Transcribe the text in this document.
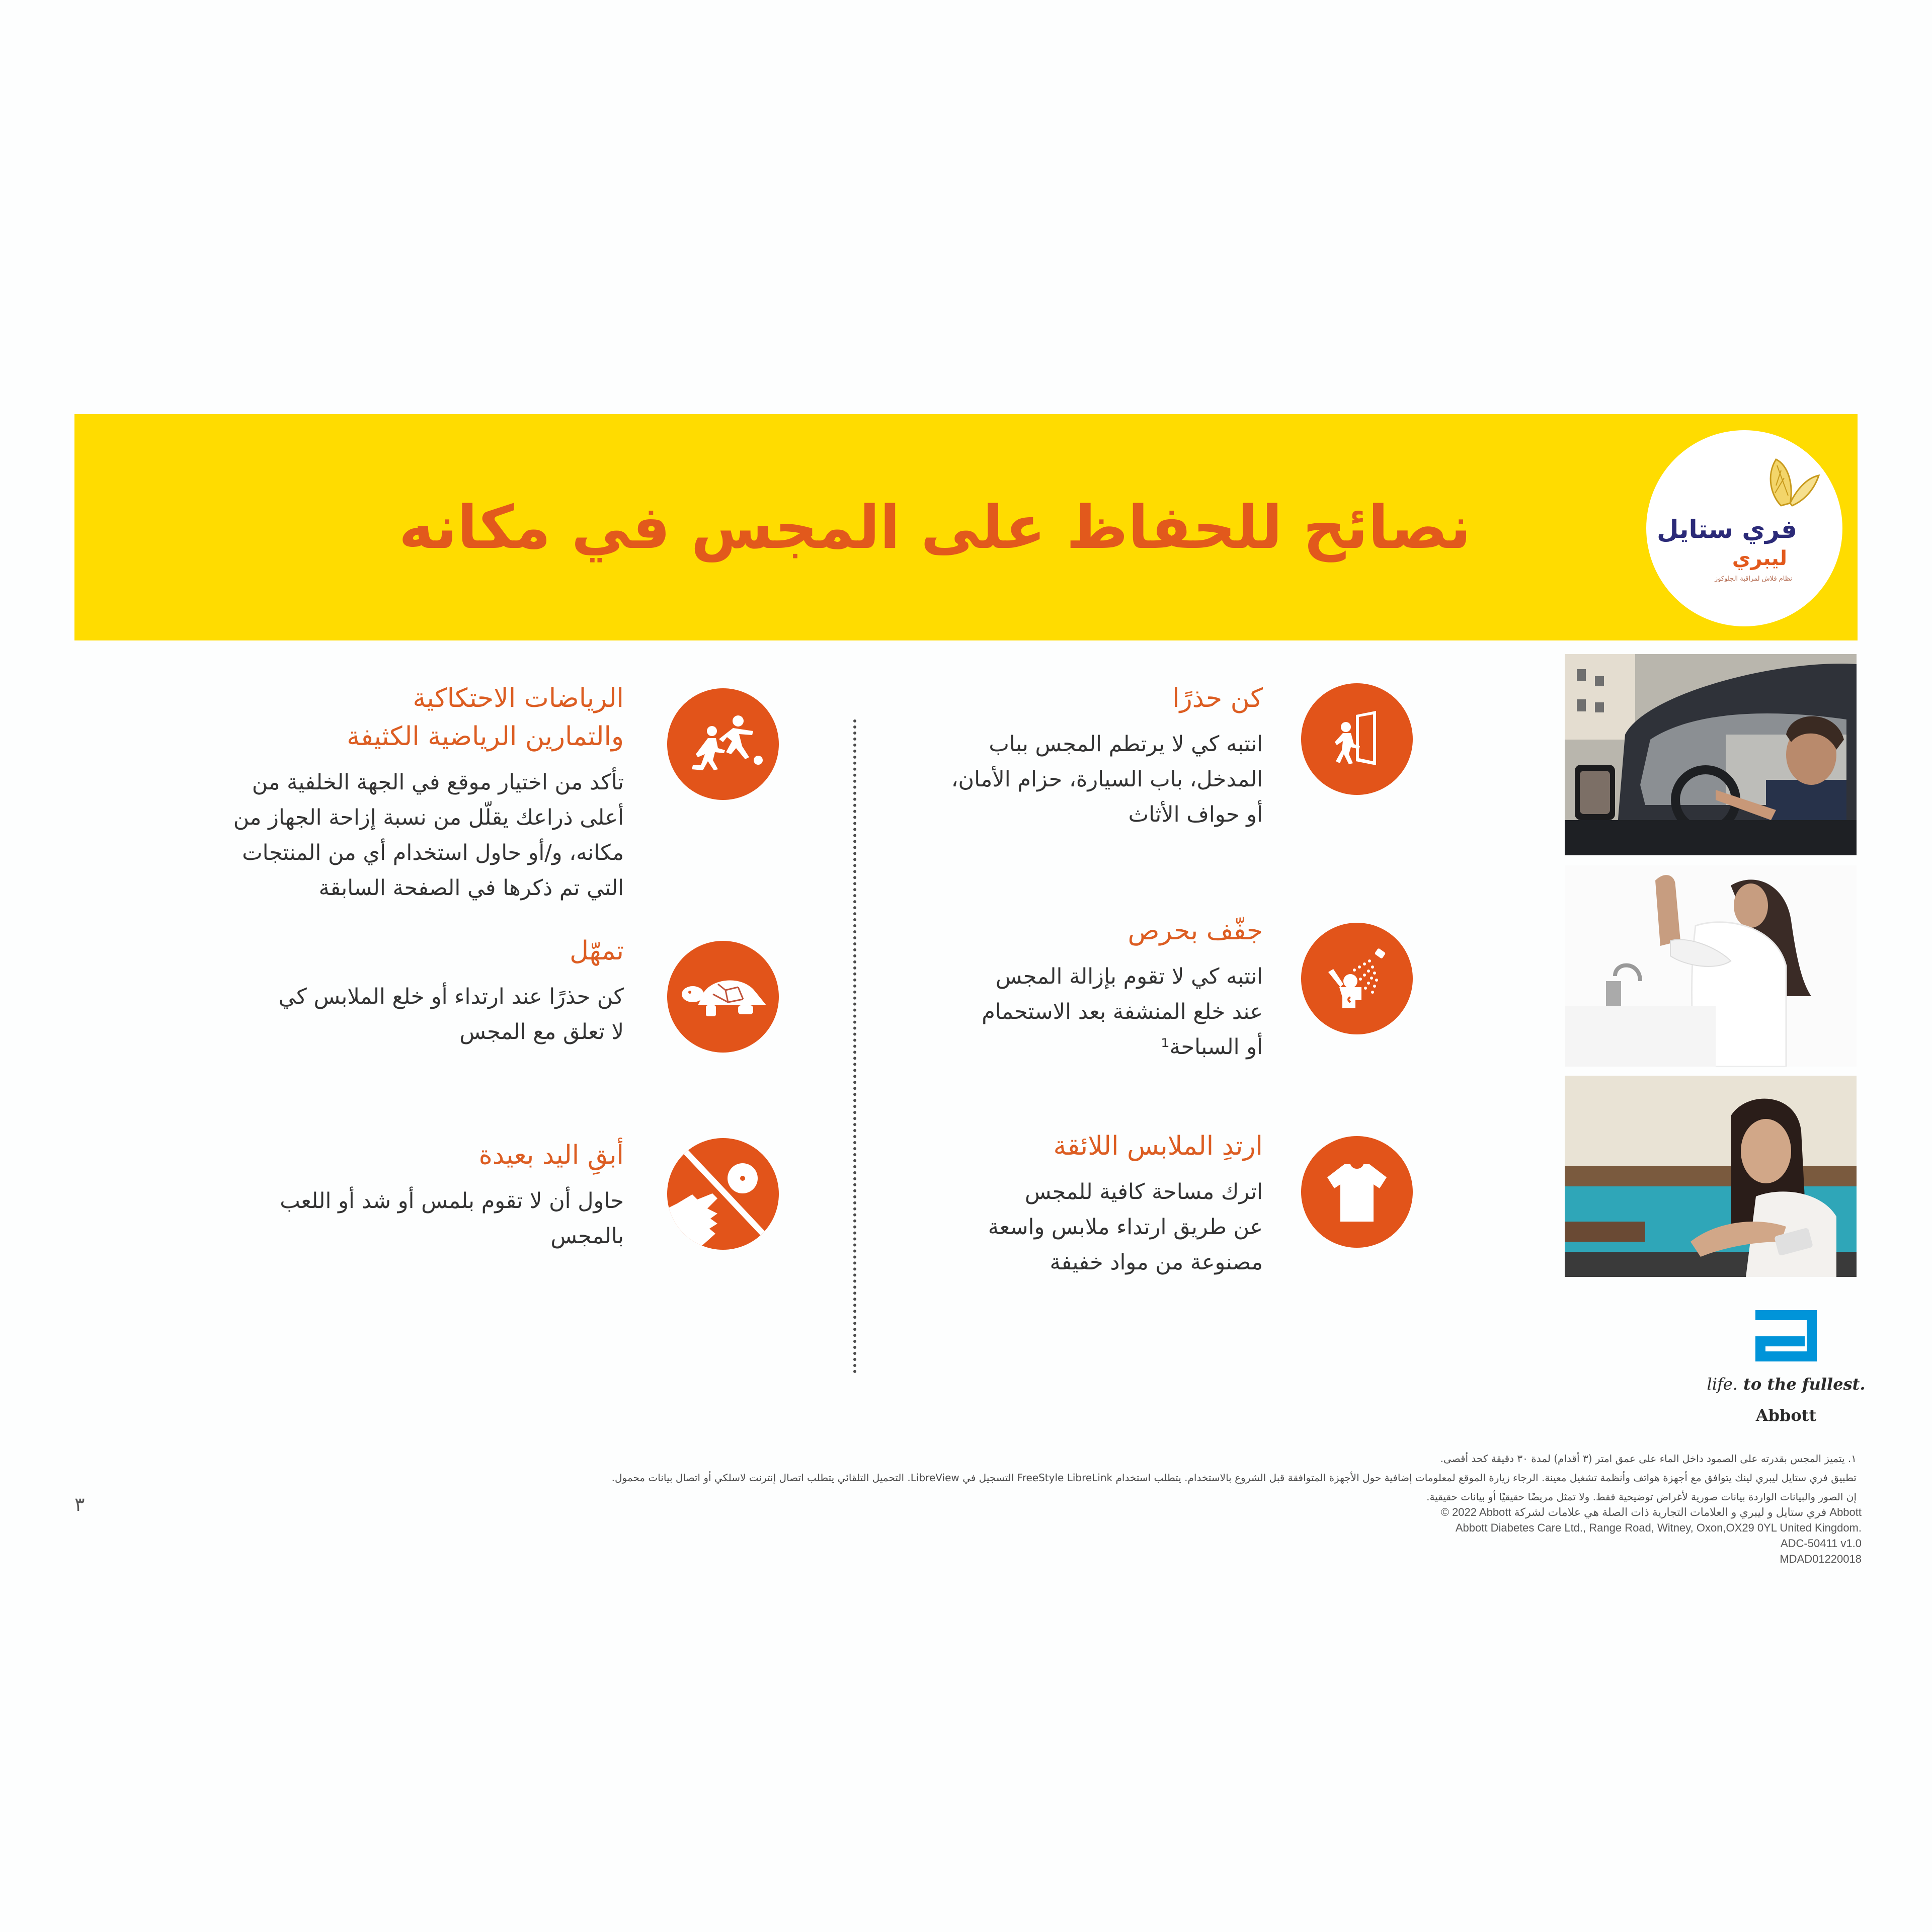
نصائح للحفاظ على المجس في مكانه	فري ستايل
ليبري
نظام فلاش لمراقبة الجلوكوز
كن حذرًا
انتبه كي لا يرتطم المجس بباب
المدخل، باب السيارة، حزام الأمان،
أو حواف الأثاث
الرياضات الاحتكاكية
والتمارين الرياضية الكثيفة
تأكد من اختيار موقع في الجهة الخلفية من
أعلى ذراعك يقلّل من نسبة إزاحة الجهاز من
مكانه، و/أو حاول استخدام أي من المنتجات
التي تم ذكرها في الصفحة السابقة
جفّف بحرص
انتبه كي لا تقوم بإزالة المجس
عند خلع المنشفة بعد الاستحمام
أو السباحة¹
تمهّل
كن حذرًا عند ارتداء أو خلع الملابس كي
لا تعلق مع المجس
ارتدِ الملابس اللائقة
اترك مساحة كافية للمجس
عن طريق ارتداء ملابس واسعة
مصنوعة من مواد خفيفة
أبقِ اليد بعيدة
حاول أن لا تقوم بلمس أو شد أو اللعب
بالمجس
life. to the fullest.
Abbott
١. يتميز المجس بقدرته على الصمود داخل الماء على عمق امتر (٣ أقدام) لمدة ٣٠ دقيقة كحد أقصى.
تطبيق فري ستايل ليبري لينك يتوافق مع أجهزة هواتف وأنظمة تشغيل معينة. الرجاء زيارة الموقع لمعلومات إضافية حول الأجهزة المتوافقة قبل الشروع بالاستخدام. يتطلب استخدام FreeStyle LibreLink التسجيل في LibreView. التحميل التلقائي يتطلب اتصال إنترنت لاسلكي أو اتصال بيانات محمول.
إن الصور والبيانات الواردة بيانات صورية لأغراض توضيحية فقط. ولا تمثل مريضًا حقيقيًا أو بيانات حقيقية.
© 2022 Abbott فري ستايل و ليبري و العلامات التجارية ذات الصلة هي علامات لشركة Abbott
Abbott Diabetes Care Ltd., Range Road, Witney, Oxon,OX29 0YL United Kingdom.
ADC-50411 v1.0
MDAD01220018
٣
